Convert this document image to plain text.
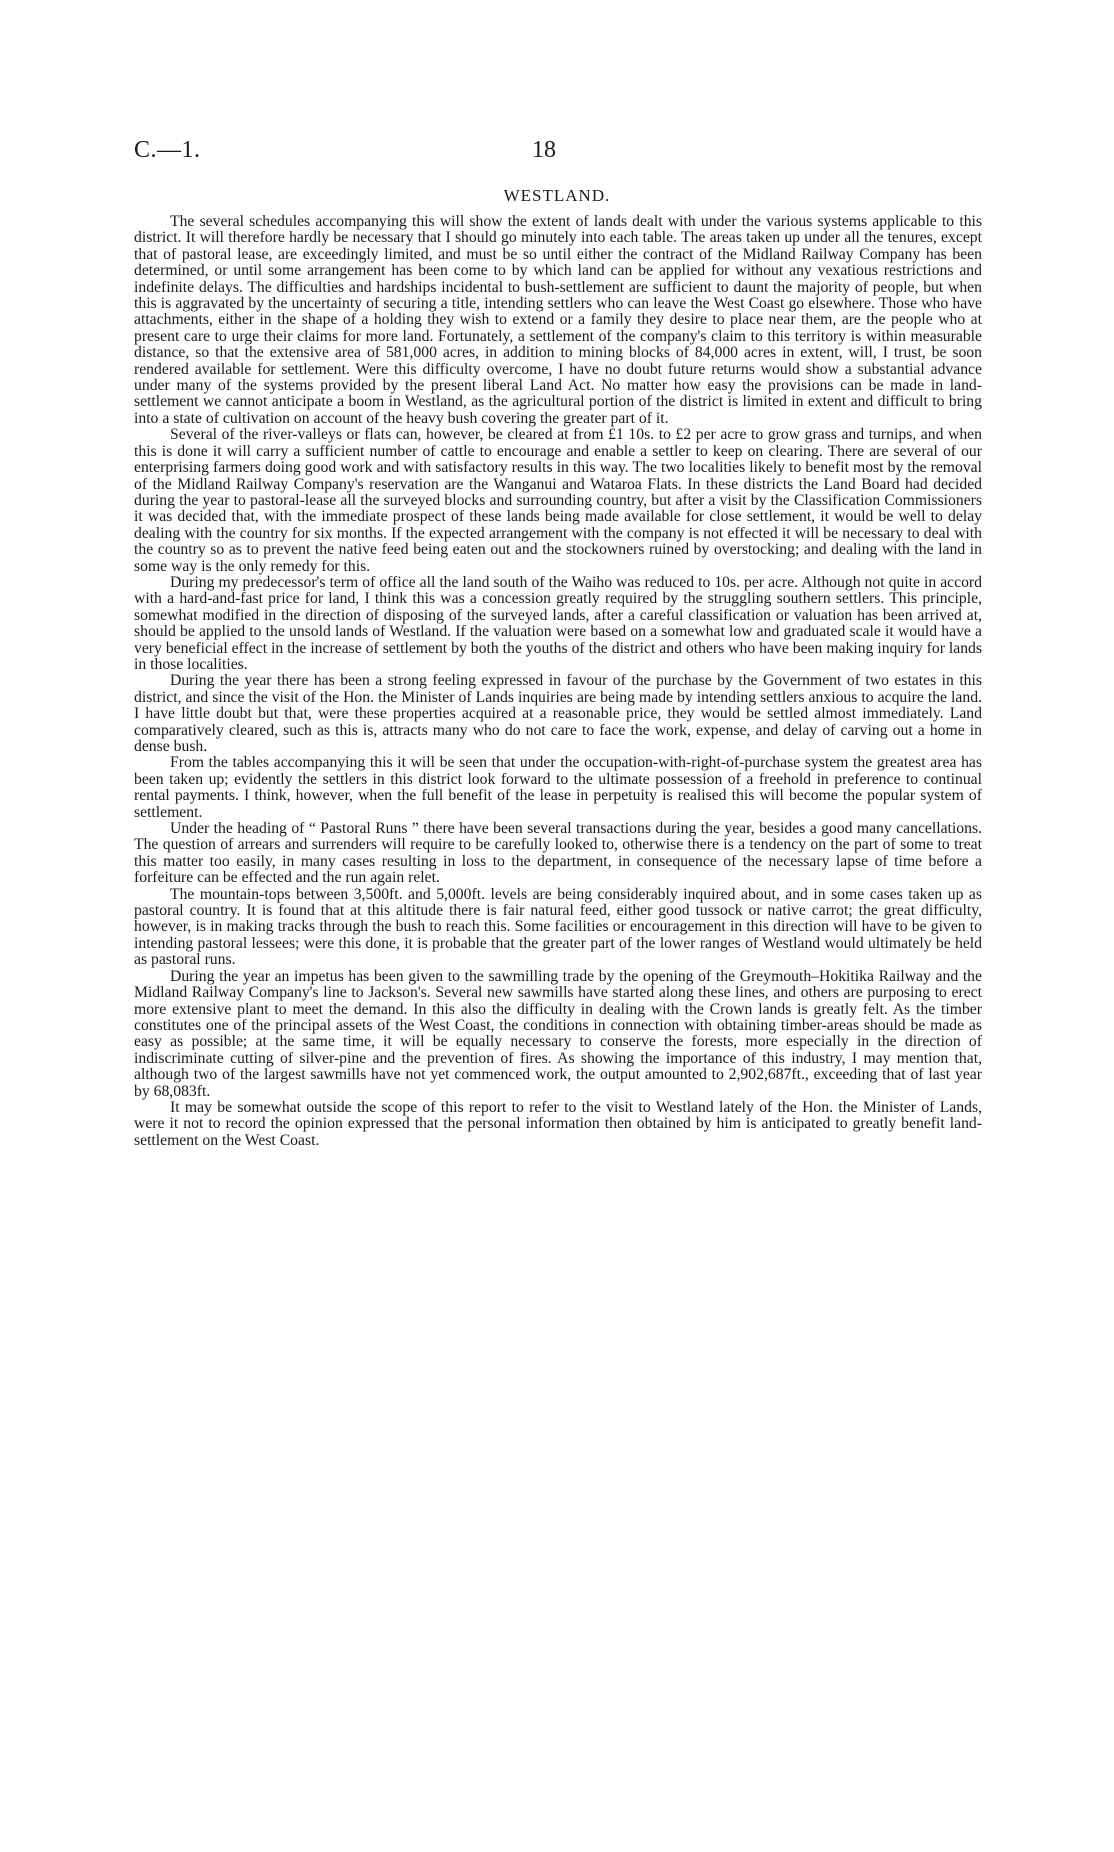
C.—1.	18
WESTLAND.

The several schedules accompanying this will show the extent of lands dealt with under the various systems applicable to this district. It will therefore hardly be necessary that I should go minutely into each table. The areas taken up under all the tenures, except that of pastoral lease, are exceedingly limited, and must be so until either the contract of the Midland Railway Company has been determined, or until some arrangement has been come to by which land can be applied for without any vexatious restrictions and indefinite delays. The difficulties and hardships incidental to bush-settlement are sufficient to daunt the majority of people, but when this is aggravated by the uncertainty of securing a title, intending settlers who can leave the West Coast go elsewhere. Those who have attachments, either in the shape of a holding they wish to extend or a family they desire to place near them, are the people who at present care to urge their claims for more land. Fortunately, a settlement of the company's claim to this territory is within measurable distance, so that the extensive area of 581,000 acres, in addition to mining blocks of 84,000 acres in extent, will, I trust, be soon rendered available for settlement. Were this difficulty overcome, I have no doubt future returns would show a substantial advance under many of the systems provided by the present liberal Land Act. No matter how easy the provisions can be made in land-settlement we cannot anticipate a boom in Westland, as the agricultural portion of the district is limited in extent and difficult to bring into a state of cultivation on account of the heavy bush covering the greater part of it.

Several of the river-valleys or flats can, however, be cleared at from £1 10s. to £2 per acre to grow grass and turnips, and when this is done it will carry a sufficient number of cattle to encourage and enable a settler to keep on clearing. There are several of our enterprising farmers doing good work and with satisfactory results in this way. The two localities likely to benefit most by the removal of the Midland Railway Company's reservation are the Wanganui and Wataroa Flats. In these districts the Land Board had decided during the year to pastoral-lease all the surveyed blocks and surrounding country, but after a visit by the Classification Commissioners it was decided that, with the immediate prospect of these lands being made available for close settlement, it would be well to delay dealing with the country for six months. If the expected arrangement with the company is not effected it will be necessary to deal with the country so as to prevent the native feed being eaten out and the stockowners ruined by overstocking; and dealing with the land in some way is the only remedy for this.

During my predecessor's term of office all the land south of the Waiho was reduced to 10s. per acre. Although not quite in accord with a hard-and-fast price for land, I think this was a concession greatly required by the struggling southern settlers. This principle, somewhat modified in the direction of disposing of the surveyed lands, after a careful classification or valuation has been arrived at, should be applied to the unsold lands of Westland. If the valuation were based on a somewhat low and graduated scale it would have a very beneficial effect in the increase of settlement by both the youths of the district and others who have been making inquiry for lands in those localities.

During the year there has been a strong feeling expressed in favour of the purchase by the Government of two estates in this district, and since the visit of the Hon. the Minister of Lands inquiries are being made by intending settlers anxious to acquire the land. I have little doubt but that, were these properties acquired at a reasonable price, they would be settled almost immediately. Land comparatively cleared, such as this is, attracts many who do not care to face the work, expense, and delay of carving out a home in dense bush.

From the tables accompanying this it will be seen that under the occupation-with-right-of-purchase system the greatest area has been taken up; evidently the settlers in this district look forward to the ultimate possession of a freehold in preference to continual rental payments. I think, however, when the full benefit of the lease in perpetuity is realised this will become the popular system of settlement.

Under the heading of “ Pastoral Runs ” there have been several transactions during the year, besides a good many cancellations. The question of arrears and surrenders will require to be carefully looked to, otherwise there is a tendency on the part of some to treat this matter too easily, in many cases resulting in loss to the department, in consequence of the necessary lapse of time before a forfeiture can be effected and the run again relet.

The mountain-tops between 3,500ft. and 5,000ft. levels are being considerably inquired about, and in some cases taken up as pastoral country. It is found that at this altitude there is fair natural feed, either good tussock or native carrot; the great difficulty, however, is in making tracks through the bush to reach this. Some facilities or encouragement in this direction will have to be given to intending pastoral lessees; were this done, it is probable that the greater part of the lower ranges of Westland would ultimately be held as pastoral runs.

During the year an impetus has been given to the sawmilling trade by the opening of the Greymouth–Hokitika Railway and the Midland Railway Company's line to Jackson's. Several new sawmills have started along these lines, and others are purposing to erect more extensive plant to meet the demand. In this also the difficulty in dealing with the Crown lands is greatly felt. As the timber constitutes one of the principal assets of the West Coast, the conditions in connection with obtaining timber-areas should be made as easy as possible; at the same time, it will be equally necessary to conserve the forests, more especially in the direction of indiscriminate cutting of silver-pine and the prevention of fires. As showing the importance of this industry, I may mention that, although two of the largest sawmills have not yet commenced work, the output amounted to 2,902,687ft., exceeding that of last year by 68,083ft.

It may be somewhat outside the scope of this report to refer to the visit to Westland lately of the Hon. the Minister of Lands, were it not to record the opinion expressed that the personal information then obtained by him is anticipated to greatly benefit land-settlement on the West Coast.
